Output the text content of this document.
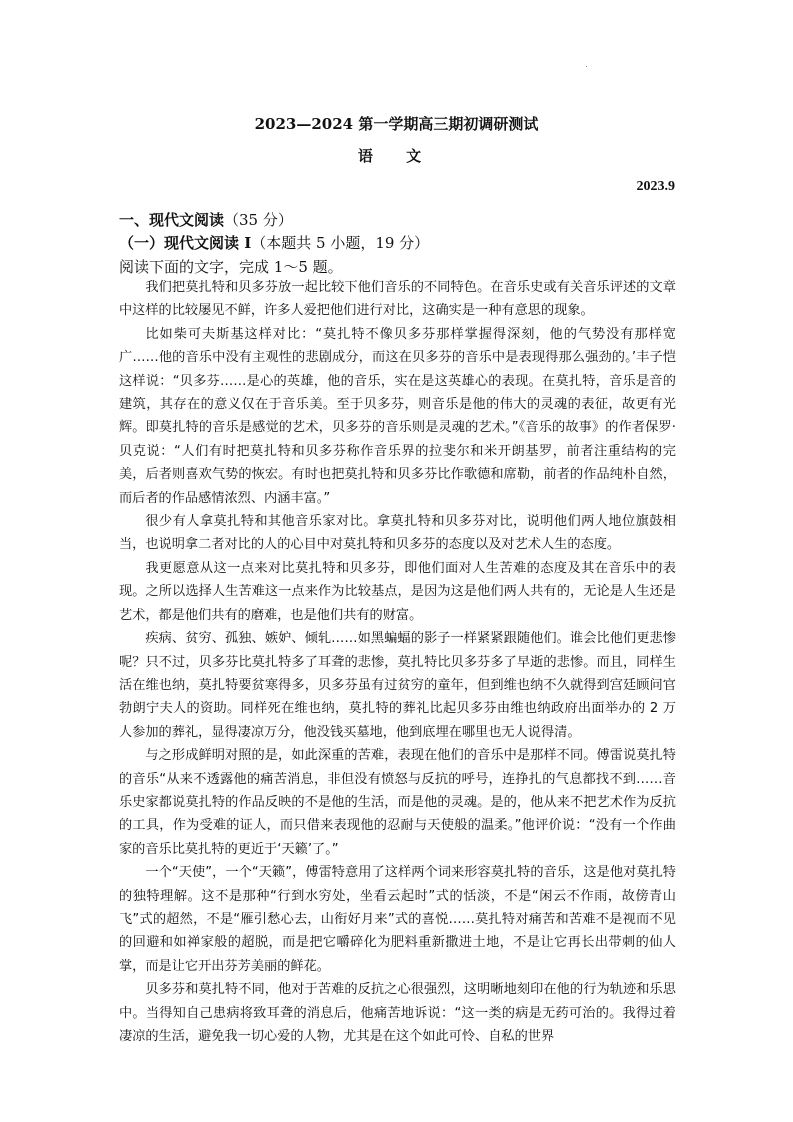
2023—2024 第一学期高三期初调研测试
语 文
2023.9
一、现代文阅读（35 分）
（一）现代文阅读 I（本题共 5 小题，19 分）
阅读下面的文字，完成 1～5 题。

我们把莫扎特和贝多芬放一起比较下他们音乐的不同特色。在音乐史或有关音乐评述的文章中这样的比较屡见不鲜，许多人爱把他们进行对比，这确实是一种有意思的现象。

比如柴可夫斯基这样对比：“莫扎特不像贝多芬那样掌握得深刻，他的气势没有那样宽广……他的音乐中没有主观性的悲剧成分，而这在贝多芬的音乐中是表现得那么强劲的。’丰子恺这样说：“贝多芬……是心的英雄，他的音乐，实在是这英雄心的表现。在莫扎特，音乐是音的建筑，其存在的意义仅在于音乐美。至于贝多芬，则音乐是他的伟大的灵魂的表征，故更有光辉。即莫扎特的音乐是感觉的艺术，贝多芬的音乐则是灵魂的艺术。”《音乐的故事》的作者保罗·贝克说：“人们有时把莫扎特和贝多芬称作音乐界的拉斐尔和米开朗基罗，前者注重结构的完美，后者则喜欢气势的恢宏。有时也把莫扎特和贝多芬比作歌德和席勒，前者的作品纯朴自然，而后者的作品感情浓烈、内涵丰富。”

很少有人拿莫扎特和其他音乐家对比。拿莫扎特和贝多芬对比，说明他们两人地位旗鼓相当，也说明拿二者对比的人的心目中对莫扎特和贝多芬的态度以及对艺术人生的态度。

我更愿意从这一点来对比莫扎特和贝多芬，即他们面对人生苦难的态度及其在音乐中的表现。之所以选择人生苦难这一点来作为比较基点，是因为这是他们两人共有的，无论是人生还是艺术，都是他们共有的磨难，也是他们共有的财富。

疾病、贫穷、孤独、嫉妒、倾轧……如黑蝙蝠的影子一样紧紧跟随他们。谁会比他们更悲惨呢？只不过，贝多芬比莫扎特多了耳聋的悲惨，莫扎特比贝多芬多了早逝的悲惨。而且，同样生活在维也纳，莫扎特要贫寒得多，贝多芬虽有过贫穷的童年，但到维也纳不久就得到宫廷顾问官勃朗宁夫人的资助。同样死在维也纳，莫扎特的葬礼比起贝多芬由维也纳政府出面举办的 2 万人参加的葬礼，显得凄凉万分，他没钱买墓地，他到底埋在哪里也无人说得清。

与之形成鲜明对照的是，如此深重的苦难，表现在他们的音乐中是那样不同。傅雷说莫扎特的音乐“从来不透露他的痛苦消息，非但没有愤怒与反抗的呼号，连挣扎的气息都找不到……音乐史家都说莫扎特的作品反映的不是他的生活，而是他的灵魂。是的，他从来不把艺术作为反抗的工具，作为受难的证人，而只借来表现他的忍耐与天使般的温柔。”他评价说：“没有一个作曲家的音乐比莫扎特的更近于‘天籁’了。”

一个“天使”，一个“天籁”，傅雷特意用了这样两个词来形容莫扎特的音乐，这是他对莫扎特的独特理解。这不是那种“行到水穷处，坐看云起时”式的恬淡，不是“闲云不作雨，故傍青山飞”式的超然，不是“雁引愁心去，山衔好月来”式的喜悦……莫扎特对痛苦和苦难不是视而不见的回避和如禅家般的超脱，而是把它嚼碎化为肥料重新撒进土地，不是让它再长出带刺的仙人掌，而是让它开出芬芳美丽的鲜花。

贝多芬和莫扎特不同，他对于苦难的反抗之心很强烈，这明晰地刻印在他的行为轨迹和乐思中。当得知自己患病将致耳聋的消息后，他痛苦地诉说：“这一类的病是无药可治的。我得过着凄凉的生活，避免我一切心爱的人物，尤其是在这个如此可怜、自私的世界
